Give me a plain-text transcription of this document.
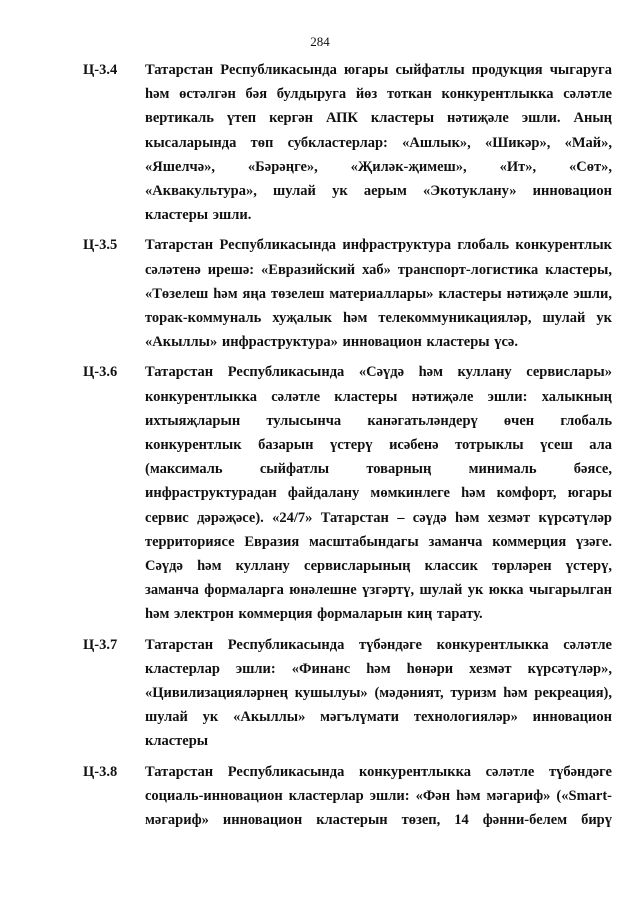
284
Ц-3.4 Татарстан Республикасында югары сыйфатлы продукция чыгаруга һәм өстәлгән бәя булдыруга йөз тоткан конкурентлыкка сәләтле вертикаль үтеп кергән АПК кластеры нәтиҗәле эшли. Аның кысаларында төп субкластерлар: «Ашлык», «Шикәр», «Май», «Яшелчә», «Бәрәңге», «Җиләк-җимеш», «Ит», «Сөт», «Аквакультура», шулай ук аерым «Экотуклану» инновацион кластеры эшли.
Ц-3.5 Татарстан Республикасында инфраструктура глобаль конкурентлык сәләтенә ирешә: «Евразийский хаб» транспорт-логистика кластеры, «Төзелеш һәм яңа төзелеш материаллары» кластеры нәтиҗәле эшли, торак-коммуналь хуҗалык һәм телекоммуникацияләр, шулай ук «Акыллы» инфраструктура» инновацион кластеры үсә.
Ц-3.6 Татарстан Республикасында «Сәүдә һәм куллану сервислары» конкурентлыкка сәләтле кластеры нәтиҗәле эшли: халыкның ихтыяҗларын тулысынча канәгатьләндерү өчен глобаль конкурентлык базарын үстерү исәбенә тотрыклы үсеш ала (максималь сыйфатлы товарның минималь бәясе, инфраструктурадан файдалану мөмкинлеге һәм комфорт, югары сервис дәрәҗәсе). «24/7» Татарстан – сәүдә һәм хезмәт күрсәтүләр территориясе Евразия масштабындагы заманча коммерция үзәге. Сәүдә һәм куллану сервисларының классик төрләрен үстерү, заманча формаларга юнәлешне үзгәртү, шулай ук юкка чыгарылган һәм электрон коммерция формаларын киң тарату.
Ц-3.7 Татарстан Республикасында түбәндәге конкурентлыкка сәләтле кластерлар эшли: «Финанс һәм һөнәри хезмәт күрсәтүләр», «Цивилизацияләрнең кушылуы» (мәдәният, туризм һәм рекреация), шулай ук «Акыллы» мәгълүмати технологияләр» инновацион кластеры
Ц-3.8 Татарстан Республикасында конкурентлыкка сәләтле түбәндәге социаль-инновацион кластерлар эшли: «Фән һәм мәгариф» («Smart-мәгариф» инновацион кластерын төзеп, 14 фәнни-белем бирү
